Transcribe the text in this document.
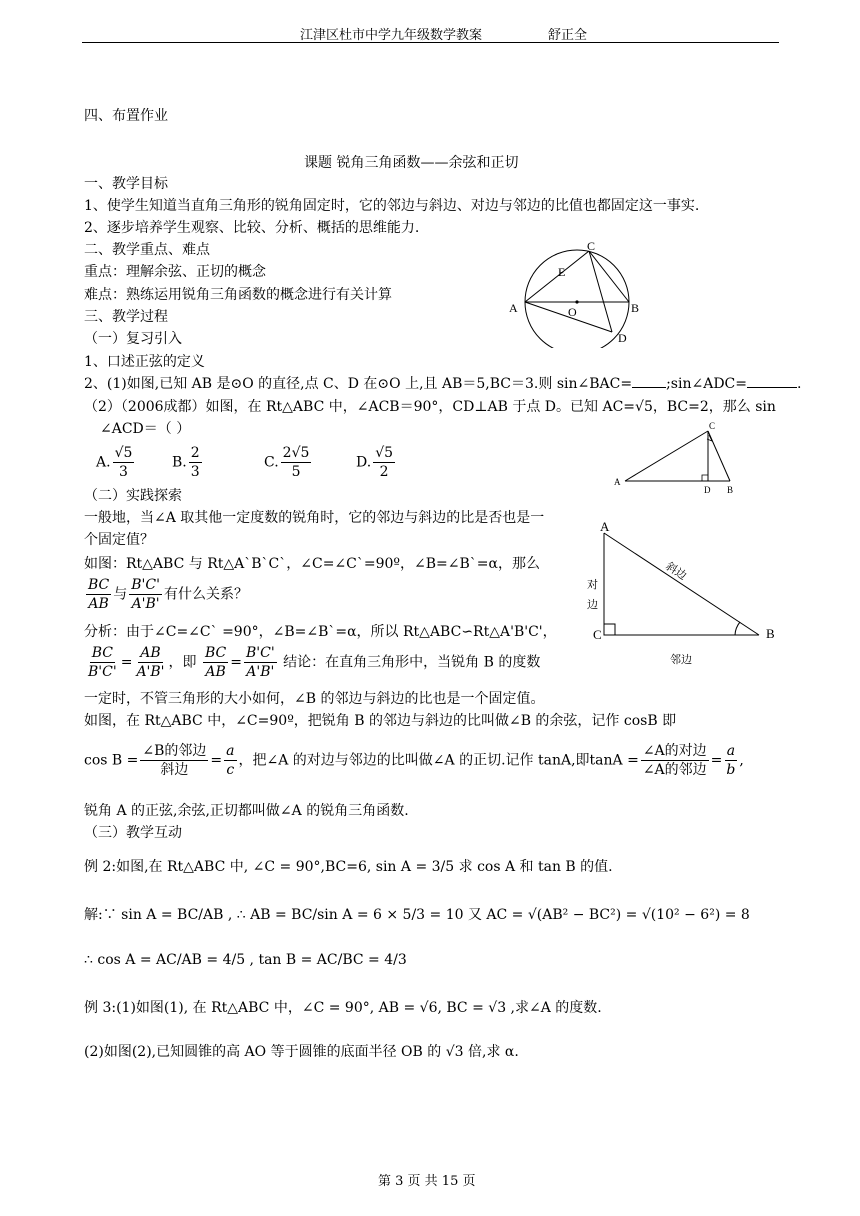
江津区杜市中学九年级数学教案	舒正全
四、布置作业
课题 锐角三角函数——余弦和正切
一、教学目标
1、使学生知道当直角三角形的锐角固定时，它的邻边与斜边、对边与邻边的比值也都固定这一事实.
2、逐步培养学生观察、比较、分析、概括的思维能力.
二、教学重点、难点
重点：理解余弦、正切的概念
难点：熟练运用锐角三角函数的概念进行有关计算
三、教学过程
（一）复习引入
1、口述正弦的定义
2、(1)如图,已知 AB 是⊙O 的直径,点 C、D 在⊙O 上,且 AB＝5,BC＝3.则 sin∠BAC= ;sin∠ADC=	.
（2）（2006成都）如图，在 Rt△ABC 中，∠ACB＝90°，CD⊥AB 于点 D。已知 AC=√5，BC=2，那么 sin
∠ACD＝（ ）
A. $\frac{√5}{3}$	B. $\frac{2}{3}$	C. $\frac{2√5}{5}$	D. $\frac{√5}{2}$
（二）实践探索
一般地，当∠A 取其他一定度数的锐角时，它的邻边与斜边的比是否也是一
个固定值？
如图：Rt△ABC 与 Rt△A`B`C`，∠C=∠C`=90º，∠B=∠B`=α，那么
$\frac{BC}{AB}$ 与 $\frac{B'C'}{A'B'}$ 有什么关系？
分析：由于∠C=∠C` =90°，∠B=∠B`=α，所以 Rt△ABC∽Rt△A'B'C'，
$\frac{BC}{B'C'} = \frac{AB}{A'B'}$ ，即 $\frac{BC}{AB} = \frac{B'C'}{A'B'}$ 结论：在直角三角形中，当锐角 B 的度数
一定时，不管三角形的大小如何，∠B 的邻边与斜边的比也是一个固定值。
如图，在 Rt△ABC 中，∠C=90º，把锐角 B 的邻边与斜边的比叫做∠B 的余弦，记作 cosB 即
$\cos B = \frac{\text{∠B的邻边}}{\text{斜边}} = \frac{a}{c}$ ，把∠A 的对边与邻边的比叫做∠A 的正切.记作 tanA,即$\tan A = \frac{\text{∠A的对边}}{\text{∠A的邻边}} = \frac{a}{b}$ ,
锐角 A 的正弦,余弦,正切都叫做∠A 的锐角三角函数.
（三）教学互动
例 2:如图,在 Rt△ABC 中, ∠C = 90°,BC=6, sin A = 3/5 求 cos A 和 tan B 的值.
解:∵ sin A = BC/AB , ∴ AB = BC/sin A = 6 × 5/3 = 10 又 AC = √(AB² − BC²) = √(10² − 6²) = 8
∴ cos A = AC/AB = 4/5 , tan B = AC/BC = 4/3
例 3:(1)如图(1), 在 Rt△ABC 中，∠C = 90°, AB = √6, BC = √3 ,求∠A 的度数.
(2)如图(2),已知圆锥的高 AO 等于圆锥的底面半径 OB 的 √3 倍,求 α.
第 3 页 共 15 页
C
E
A	B
O
D
A
C
D B
A
C	B
斜边
对
边
邻边
